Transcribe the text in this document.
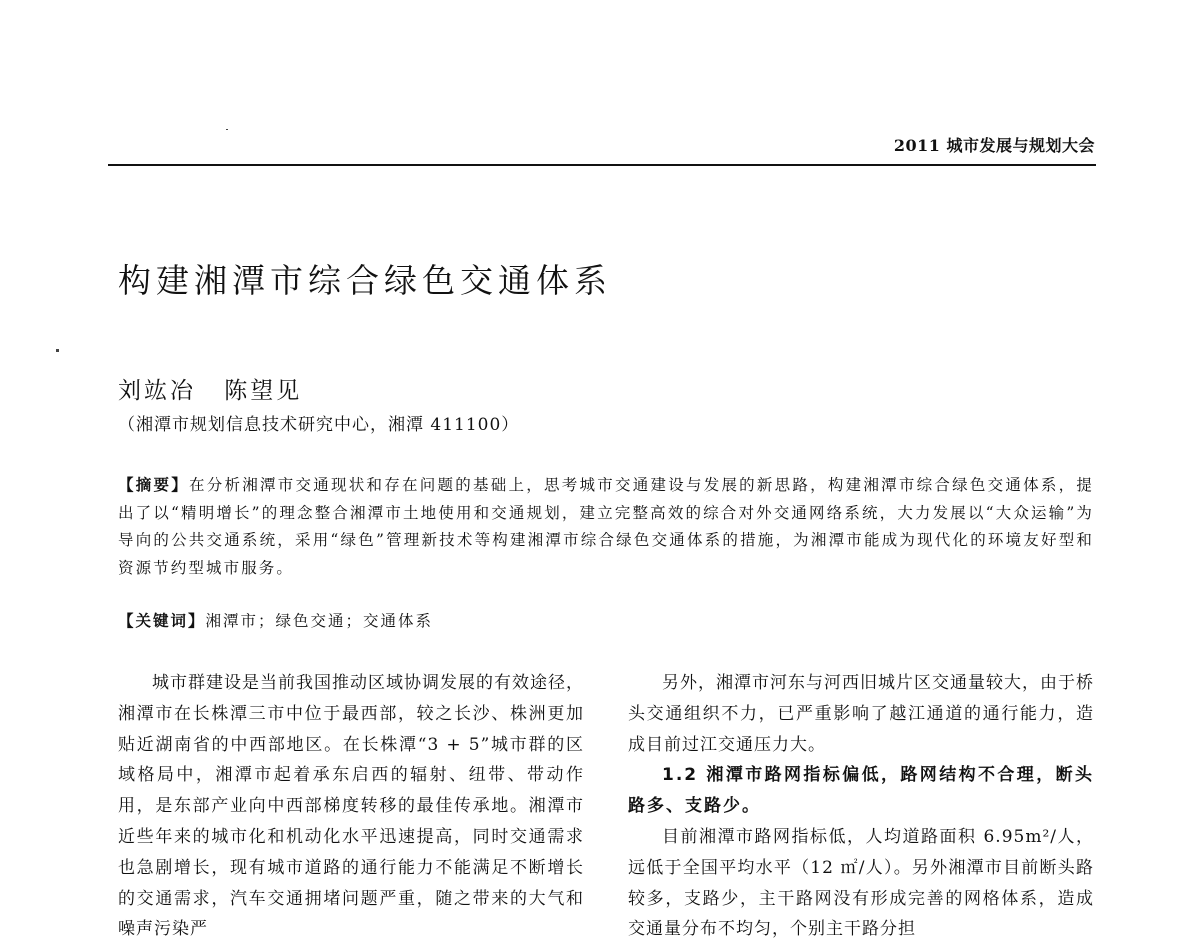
2011 城市发展与规划大会
构建湘潭市综合绿色交通体系
刘竑冶 陈望见
（湘潭市规划信息技术研究中心，湘潭 411100）
【摘要】在分析湘潭市交通现状和存在问题的基础上，思考城市交通建设与发展的新思路，构建湘潭市综合绿色交通体系，提出了以“精明增长”的理念整合湘潭市土地使用和交通规划，建立完整高效的综合对外交通网络系统，大力发展以“大众运输”为导向的公共交通系统，采用“绿色”管理新技术等构建湘潭市综合绿色交通体系的措施，为湘潭市能成为现代化的环境友好型和资源节约型城市服务。
【关键词】湘潭市；绿色交通；交通体系

城市群建设是当前我国推动区域协调发展的有效途径，湘潭市在长株潭三市中位于最西部，较之长沙、株洲更加贴近湖南省的中西部地区。在长株潭“3 + 5”城市群的区域格局中，湘潭市起着承东启西的辐射、纽带、带动作用，是东部产业向中西部梯度转移的最佳传承地。湘潭市近些年来的城市化和机动化水平迅速提高，同时交通需求也急剧增长，现有城市道路的通行能力不能满足不断增长的交通需求，汽车交通拥堵问题严重，随之带来的大气和噪声污染严

另外，湘潭市河东与河西旧城片区交通量较大，由于桥头交通组织不力，已严重影响了越江通道的通行能力，造成目前过江交通压力大。

1.2 湘潭市路网指标偏低，路网结构不合理，断头路多、支路少。

目前湘潭市路网指标低，人均道路面积 6.95m²/人，远低于全国平均水平（12 ㎡/人）。另外湘潭市目前断头路较多，支路少，主干路网没有形成完善的网格体系，造成交通量分布不均匀，个别主干路分担
